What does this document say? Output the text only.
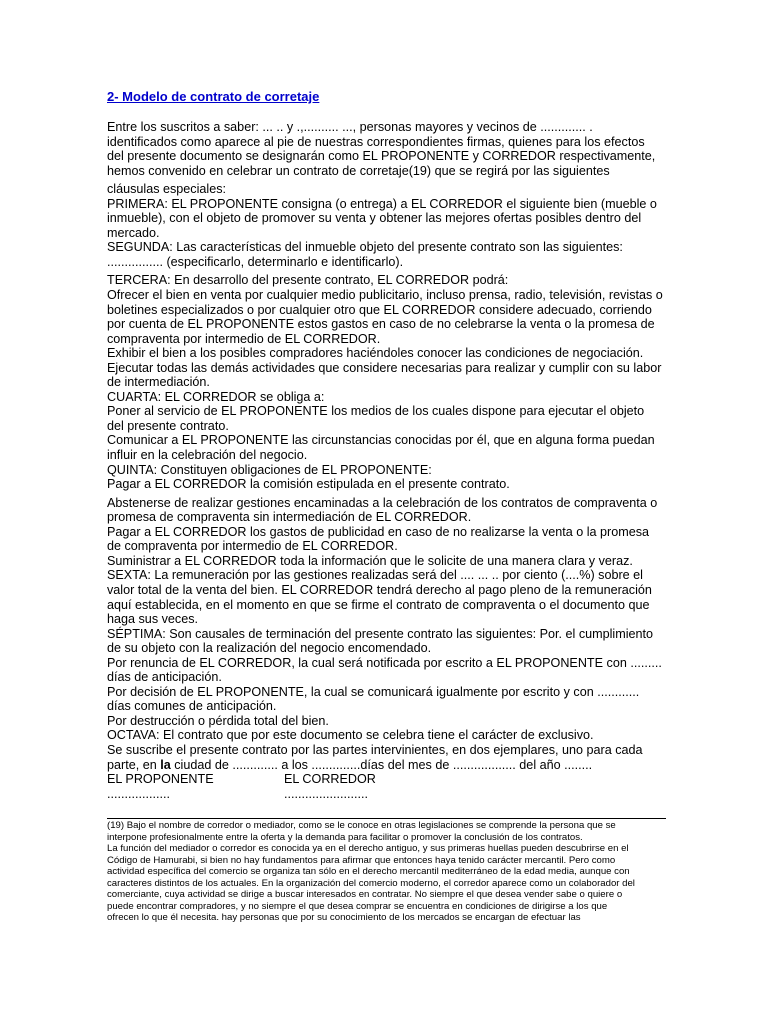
2- Modelo de contrato de corretaje
Entre los suscritos a saber: ... .. y .,.......... ..., personas mayores y vecinos de ............. .
identificados como aparece al pie de nuestras correspondientes firmas, quienes para los efectos
del presente documento se designarán como EL PROPONENTE y CORREDOR respectivamente,
hemos convenido en celebrar un contrato de corretaje(19) que se regirá por las siguientes
cláusulas especiales:
PRIMERA: EL PROPONENTE consigna (o entrega) a EL CORREDOR el siguiente bien (mueble o
inmueble), con el objeto de promover su venta y obtener las mejores ofertas posibles dentro del
mercado.
SEGUNDA: Las características del inmueble objeto del presente contrato son las siguientes:
................ (especificarlo, determinarlo e identificarlo).
TERCERA: En desarrollo del presente contrato, EL CORREDOR podrá:
Ofrecer el bien en venta por cualquier medio publicitario, incluso prensa, radio, televisión, revistas o
boletines especializados o por cualquier otro que EL CORREDOR considere adecuado, corriendo
por cuenta de EL PROPONENTE estos gastos en caso de no celebrarse la venta o la promesa de
compraventa por intermedio de EL CORREDOR.
Exhibir el bien a los posibles compradores haciéndoles conocer las condiciones de negociación.
Ejecutar todas las demás actividades que considere necesarias para realizar y cumplir con su labor
de intermediación.
CUARTA: EL CORREDOR se obliga a:
Poner al servicio de EL PROPONENTE los medios de los cuales dispone para ejecutar el objeto
del presente contrato.
Comunicar a EL PROPONENTE las circunstancias conocidas por él, que en alguna forma puedan
influir en la celebración del negocio.
QUINTA: Constituyen obligaciones de EL PROPONENTE:
Pagar a EL CORREDOR la comisión estipulada en el presente contrato.
Abstenerse de realizar gestiones encaminadas a la celebración de los contratos de compraventa o
promesa de compraventa sin intermediación de EL CORREDOR.
Pagar a EL CORREDOR los gastos de publicidad en caso de no realizarse la venta o la promesa
de compraventa por intermedio de EL CORREDOR.
Suministrar a EL CORREDOR toda la información que le solicite de una manera clara y veraz.
SEXTA: La remuneración por las gestiones realizadas será del .... ... .. por ciento (....%) sobre el
valor total de la venta del bien. EL CORREDOR tendrá derecho al pago pleno de la remuneración
aquí establecida, en el momento en que se firme el contrato de compraventa o el documento que
haga sus veces.
SÉPTIMA: Son causales de terminación del presente contrato las siguientes: Por. el cumplimiento
de su objeto con la realización del negocio encomendado.
Por renuncia de EL CORREDOR, la cual será notificada por escrito a EL PROPONENTE con .........
días de anticipación.
Por decisión de EL PROPONENTE, la cual se comunicará igualmente por escrito y con ............
días comunes de anticipación.
Por destrucción o pérdida total del bien.
OCTAVA: El contrato que por este documento se celebra tiene el carácter de exclusivo.
Se suscribe el presente contrato por las partes intervinientes, en dos ejemplares, uno para cada
parte, en la ciudad de ............. a los ..............días del mes de .................. del año ........
EL PROPONENTE	EL CORREDOR
..................	........................
(19) Bajo el nombre de corredor o mediador, como se le conoce en otras legislaciones se comprende la persona que se
interpone profesionalmente entre la oferta y la demanda para facilitar o promover la conclusión de los contratos.
La función del mediador o corredor es conocida ya en el derecho antiguo, y sus primeras huellas pueden descubrirse en el
Código de Hamurabi, si bien no hay fundamentos para afirmar que entonces haya tenido carácter mercantil. Pero como
actividad específica del comercio se organiza tan sólo en el derecho mercantil mediterráneo de la edad media, aunque con
caracteres distintos de los actuales. En la organización del comercio moderno, el corredor aparece como un colaborador del
comerciante, cuya actividad se dirige a buscar interesados en contratar. No siempre el que desea vender sabe o quiere o
puede encontrar compradores, y no siempre el que desea comprar se encuentra en condiciones de dirigirse a los que
ofrecen lo que él necesita. hay personas que por su conocimiento de los mercados se encargan de efectuar las
